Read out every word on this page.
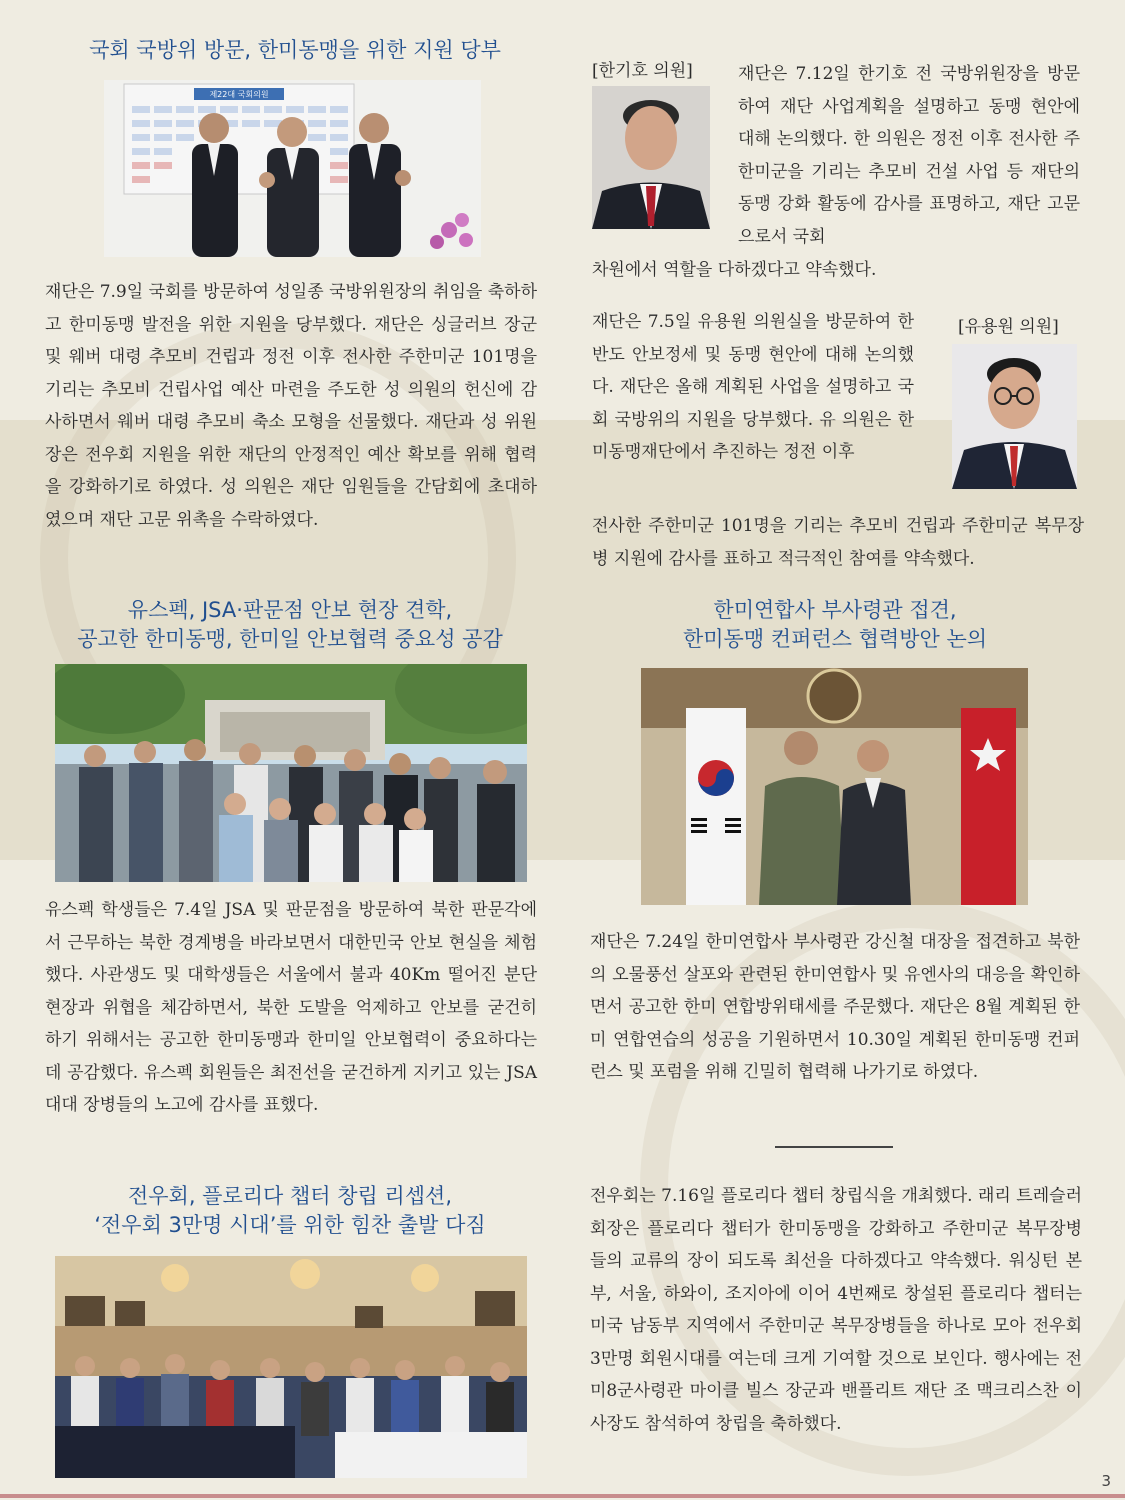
국회 국방위 방문, 한미동맹을 위한 지원 당부
제22대 국회의원

재단은 7.9일 국회를 방문하여 성일종 국방위원장의 취임을 축하하고 한미동맹 발전을 위한 지원을 당부했다. 재단은 싱글러브 장군 및 웨버 대령 추모비 건립과 정전 이후 전사한 주한미군 101명을 기리는 추모비 건립사업 예산 마련을 주도한 성 의원의 헌신에 감사하면서 웨버 대령 추모비 축소 모형을 선물했다. 재단과 성 위원장은 전우회 지원을 위한 재단의 안정적인 예산 확보를 위해 협력을 강화하기로 하였다. 성 의원은 재단 임원들을 간담회에 초대하였으며 재단 고문 위촉을 수락하였다.

[한기호 의원]	재단은 7.12일 한기호 전 국방위원장을 방문하여 재단 사업계획을 설명하고 동맹 현안에 대해 논의했다. 한 의원은 정전 이후 전사한 주한미군을 기리는 추모비 건설 사업 등 재단의 동맹 강화 활동에 감사를 표명하고, 재단 고문으로서 국회

차원에서 역할을 다하겠다고 약속했다.

재단은 7.5일 유용원 의원실을 방문하여 한반도 안보정세 및 동맹 현안에 대해 논의했다. 재단은 올해 계획된 사업을 설명하고 국회 국방위의 지원을 당부했다. 유 의원은 한미동맹재단에서 추진하는 정전 이후

[유용원 의원]

전사한 주한미군 101명을 기리는 추모비 건립과 주한미군 복무장병 지원에 감사를 표하고 적극적인 참여를 약속했다.

유스펙, JSA·판문점 안보 현장 견학,
공고한 한미동맹, 한미일 안보협력 중요성 공감

유스펙 학생들은 7.4일 JSA 및 판문점을 방문하여 북한 판문각에서 근무하는 북한 경계병을 바라보면서 대한민국 안보 현실을 체험했다. 사관생도 및 대학생들은 서울에서 불과 40Km 떨어진 분단 현장과 위협을 체감하면서, 북한 도발을 억제하고 안보를 굳건히 하기 위해서는 공고한 한미동맹과 한미일 안보협력이 중요하다는데 공감했다. 유스펙 회원들은 최전선을 굳건하게 지키고 있는 JSA 대대 장병들의 노고에 감사를 표했다.

한미연합사 부사령관 접견,
한미동맹 컨퍼런스 협력방안 논의

재단은 7.24일 한미연합사 부사령관 강신철 대장을 접견하고 북한의 오물풍선 살포와 관련된 한미연합사 및 유엔사의 대응을 확인하면서 공고한 한미 연합방위태세를 주문했다. 재단은 8월 계획된 한미 연합연습의 성공을 기원하면서 10.30일 계획된 한미동맹 컨퍼런스 및 포럼을 위해 긴밀히 협력해 나가기로 하였다.

전우회, 플로리다 챕터 창립 리셉션,
‘전우회 3만명 시대’를 위한 힘찬 출발 다짐

전우회는 7.16일 플로리다 챕터 창립식을 개최했다. 래리 트레슬러 회장은 플로리다 챕터가 한미동맹을 강화하고 주한미군 복무장병들의 교류의 장이 되도록 최선을 다하겠다고 약속했다. 워싱턴 본부, 서울, 하와이, 조지아에 이어 4번째로 창설된 플로리다 챕터는 미국 남동부 지역에서 주한미군 복무장병들을 하나로 모아 전우회 3만명 회원시대를 여는데 크게 기여할 것으로 보인다. 행사에는 전 미8군사령관 마이클 빌스 장군과 밴플리트 재단 조 맥크리스찬 이사장도 참석하여 창립을 축하했다.

3
